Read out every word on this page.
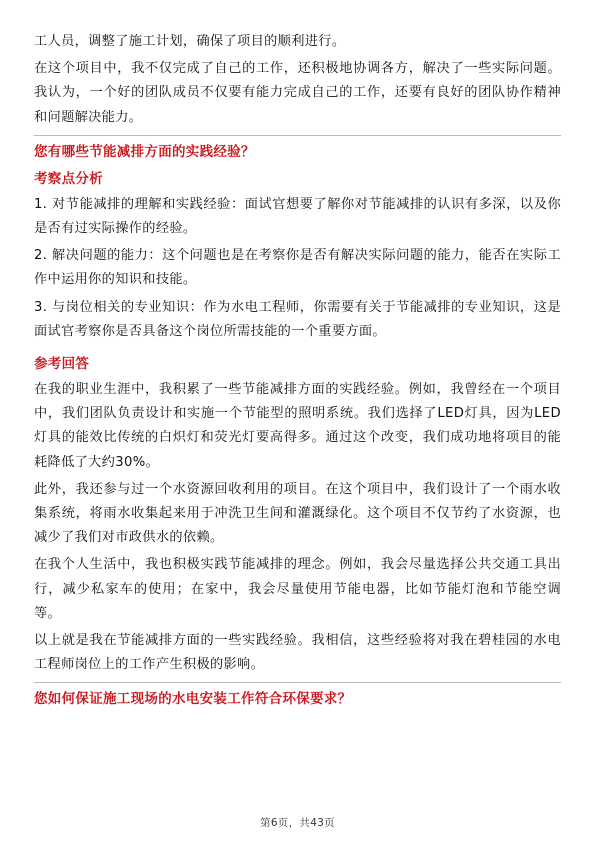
工人员，调整了施工计划，确保了项目的顺利进行。

在这个项目中，我不仅完成了自己的工作，还积极地协调各方，解决了一些实际问题。我认为，一个好的团队成员不仅要有能力完成自己的工作，还要有良好的团队协作精神和问题解决能力。

您有哪些节能减排方面的实践经验？
考察点分析

1. 对节能减排的理解和实践经验：面试官想要了解你对节能减排的认识有多深，以及你是否有过实际操作的经验。

2. 解决问题的能力：这个问题也是在考察你是否有解决实际问题的能力，能否在实际工作中运用你的知识和技能。

3. 与岗位相关的专业知识：作为水电工程师，你需要有关于节能减排的专业知识，这是面试官考察你是否具备这个岗位所需技能的一个重要方面。

参考回答

在我的职业生涯中，我积累了一些节能减排方面的实践经验。例如，我曾经在一个项目中，我们团队负责设计和实施一个节能型的照明系统。我们选择了LED灯具，因为LED灯具的能效比传统的白炽灯和荧光灯要高得多。通过这个改变，我们成功地将项目的能耗降低了大约30%。

此外，我还参与过一个水资源回收利用的项目。在这个项目中，我们设计了一个雨水收集系统，将雨水收集起来用于冲洗卫生间和灌溉绿化。这个项目不仅节约了水资源，也减少了我们对市政供水的依赖。

在我个人生活中，我也积极实践节能减排的理念。例如，我会尽量选择公共交通工具出行，减少私家车的使用；在家中，我会尽量使用节能电器，比如节能灯泡和节能空调等。

以上就是我在节能减排方面的一些实践经验。我相信，这些经验将对我在碧桂园的水电工程师岗位上的工作产生积极的影响。

您如何保证施工现场的水电安装工作符合环保要求？
第6页，共43页
